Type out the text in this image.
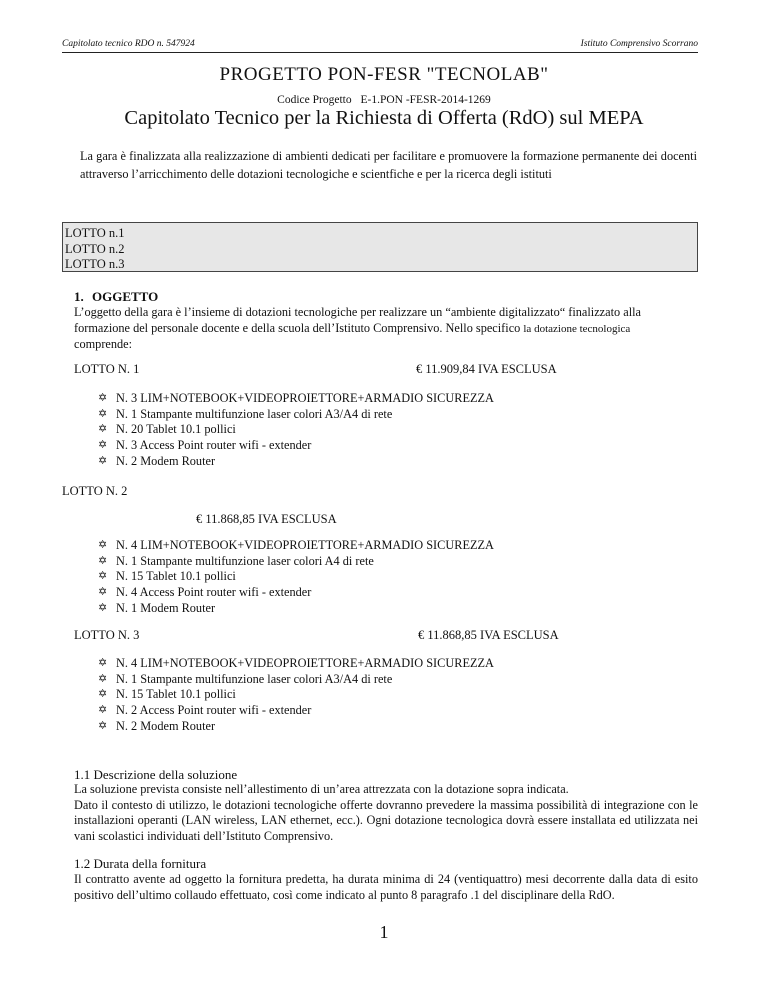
Capitolato tecnico RDO n. 547924	Istituto Comprensivo Scorrano
PROGETTO PON-FESR "TECNOLAB"
Codice Progetto E-1.PON -FESR-2014-1269
Capitolato Tecnico per la Richiesta di Offerta (RdO) sul MEPA
La gara è finalizzata alla realizzazione di ambienti dedicati per facilitare e promuovere la formazione permanente dei docenti attraverso l’arricchimento delle dotazioni tecnologiche e scientfiche e per la ricerca degli istituti
LOTTO n.1
LOTTO n.2
LOTTO n.3
1. OGGETTO
L’oggetto della gara è l’insieme di dotazioni tecnologiche per realizzare un “ambiente digitalizzato“ finalizzato alla formazione del personale docente e della scuola dell’Istituto Comprensivo. Nello specifico la dotazione tecnologica
comprende:
LOTTO N. 1	€ 11.909,84 IVA ESCLUSA
✡ N. 3 LIM+NOTEBOOK+VIDEOPROIETTORE+ARMADIO SICUREZZA
✡ N. 1 Stampante multifunzione laser colori A3/A4 di rete
✡ N. 20 Tablet 10.1 pollici
✡ N. 3 Access Point router wifi - extender
✡ N. 2 Modem Router
LOTTO N. 2
€ 11.868,85 IVA ESCLUSA
✡ N. 4 LIM+NOTEBOOK+VIDEOPROIETTORE+ARMADIO SICUREZZA
✡ N. 1 Stampante multifunzione laser colori A4 di rete
✡ N. 15 Tablet 10.1 pollici
✡ N. 4 Access Point router wifi - extender
✡ N. 1 Modem Router
LOTTO N. 3	€ 11.868,85 IVA ESCLUSA
✡ N. 4 LIM+NOTEBOOK+VIDEOPROIETTORE+ARMADIO SICUREZZA
✡ N. 1 Stampante multifunzione laser colori A3/A4 di rete
✡ N. 15 Tablet 10.1 pollici
✡ N. 2 Access Point router wifi - extender
✡ N. 2 Modem Router
1.1 Descrizione della soluzione
La soluzione prevista consiste nell’allestimento di un’area attrezzata con la dotazione sopra indicata.
Dato il contesto di utilizzo, le dotazioni tecnologiche offerte dovranno prevedere la massima possibilità di integrazione con le installazioni operanti (LAN wireless, LAN ethernet, ecc.). Ogni dotazione tecnologica dovrà essere installata ed utilizzata nei vani scolastici individuati dell’Istituto Comprensivo.
1.2 Durata della fornitura
Il contratto avente ad oggetto la fornitura predetta, ha durata minima di 24 (ventiquattro) mesi decorrente dalla data di esito positivo dell’ultimo collaudo effettuato, così come indicato al punto 8 paragrafo .1 del disciplinare della RdO.
1
